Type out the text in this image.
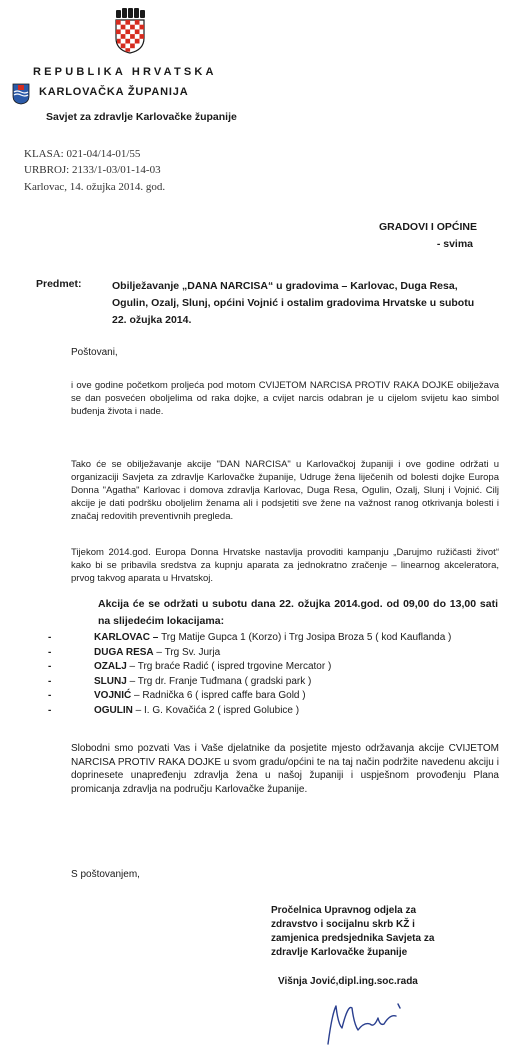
REPUBLIKA HRVATSKA
KARLOVAČKA ŽUPANIJA
Savjet za zdravlje Karlovačke županije
KLASA: 021-04/14-01/55
URBROJ: 2133/1-03/01-14-03
Karlovac, 14. ožujka 2014. god.
GRADOVI I OPĆINE
- svima
Predmet:	Obilježavanje „DANA NARCISA“ u gradovima – Karlovac, Duga Resa, Ogulin, Ozalj, Slunj, općini Vojnić i ostalim gradovima Hrvatske u subotu 22. ožujka 2014.
Poštovani,
i ove godine početkom proljeća pod motom CVIJETOM NARCISA PROTIV RAKA DOJKE obilježava se dan posvećen oboljelima od raka dojke, a cvijet narcis odabran je u cijelom svijetu kao simbol buđenja života i nade.
Tako će se obilježavanje akcije "DAN NARCISA" u Karlovačkoj županiji i ove godine održati u organizaciji Savjeta za zdravlje Karlovačke županije, Udruge žena liječenih od bolesti dojke Europa Donna "Agatha" Karlovac i domova zdravlja Karlovac, Duga Resa, Ogulin, Ozalj, Slunj i Vojnić. Cilj akcije je dati podršku oboljelim ženama ali i podsjetiti sve žene na važnost ranog otkrivanja bolesti i značaj redovitih preventivnih pregleda.
Tijekom 2014.god. Europa Donna Hrvatske nastavlja provoditi kampanju „Darujmo ružičasti život“ kako bi se pribavila sredstva za kupnju aparata za jednokratno zračenje – linearnog akceleratora, prvog takvog aparata u Hrvatskoj.
Akcija će se održati u subotu dana 22. ožujka 2014.god. od 09,00 do 13,00 sati na slijedećim lokacijama:
-	KARLOVAC – Trg Matije Gupca 1 (Korzo) i Trg Josipa Broza 5 ( kod Kauflanda )
-	DUGA RESA – Trg Sv. Jurja
-	OZALJ – Trg braće Radić ( ispred trgovine Mercator )
-	SLUNJ – Trg dr. Franje Tuđmana ( gradski park )
-	VOJNIĆ – Radnička 6 ( ispred caffe bara Gold )
-	OGULIN – I. G. Kovačića 2 ( ispred Golubice )
Slobodni smo pozvati Vas i Vaše djelatnike da posjetite mjesto održavanja akcije CVIJETOM NARCISA PROTIV RAKA DOJKE u svom gradu/općini te na taj način podržite navedenu akciju i doprinesete unapređenju zdravlja žena u našoj županiji i uspješnom provođenju Plana promicanja zdravlja na području Karlovačke županije.
S poštovanjem,
Pročelnica Upravnog odjela za
zdravstvo i socijalnu skrb KŽ i
zamjenica predsjednika Savjeta za
zdravlje Karlovačke županije
Višnja Jović,dipl.ing.soc.rada
